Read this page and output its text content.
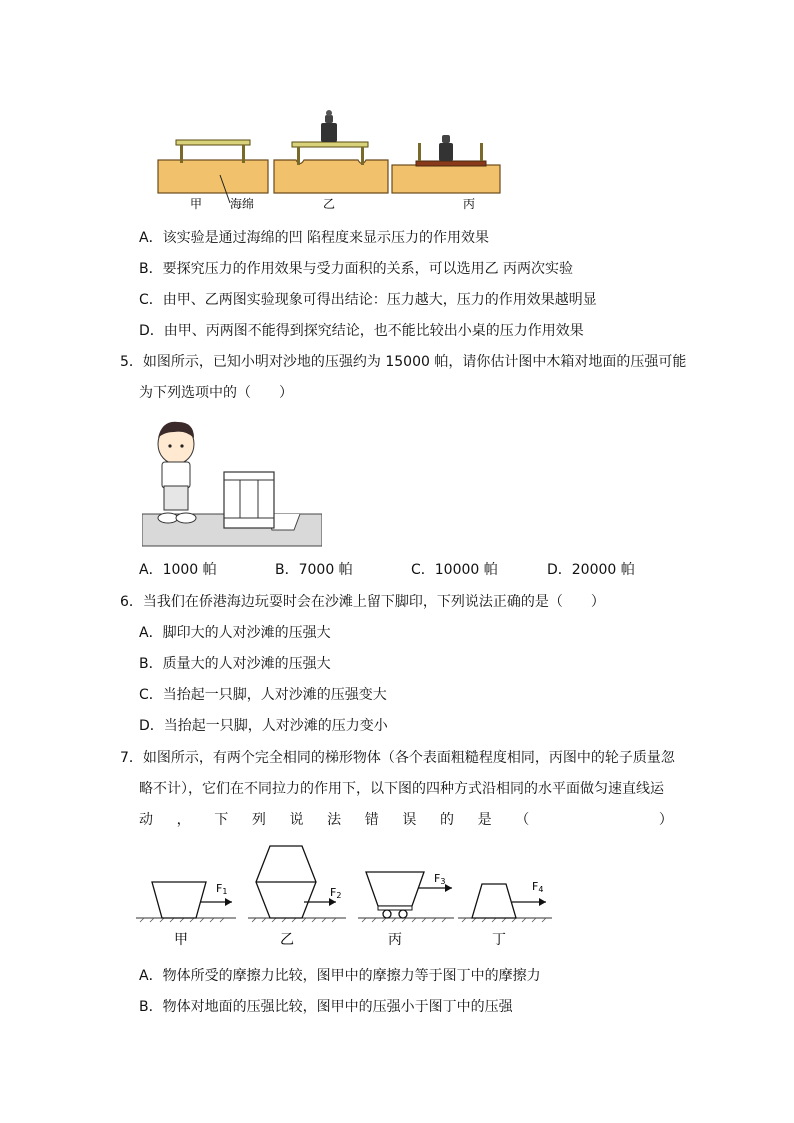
甲 海绵	乙	丙
A．该实验是通过海绵的凹 陷程度来显示压力的作用效果
B．要探究压力的作用效果与受力面积的关系，可以选用乙 丙两次实验
C．由甲、乙两图实验现象可得出结论：压力越大，压力的作用效果越明显
D．由甲、丙两图不能得到探究结论，也不能比较出小桌的压力作用效果
5．如图所示，已知小明对沙地的压强约为 15000 帕，请你估计图中木箱对地面的压强可能
为下列选项中的（　　）
A．1000 帕	B．7000 帕	C．10000 帕	D．20000 帕
6．当我们在侨港海边玩耍时会在沙滩上留下脚印，下列说法正确的是（　　）
A．脚印大的人对沙滩的压强大
B．质量大的人对沙滩的压强大
C．当抬起一只脚，人对沙滩的压强变大
D．当抬起一只脚，人对沙滩的压力变小
7．如图所示，有两个完全相同的梯形物体（各个表面粗糙程度相同，丙图中的轮子质量忽
略不计），它们在不同拉力的作用下，以下图的四种方式沿相同的水平面做匀速直线运
动 ， 下 列 说 法 错 误 的 是 （	）
F1	F2
F3	F4
甲	乙	丙	丁
A．物体所受的摩擦力比较，图甲中的摩擦力等于图丁中的摩擦力
B．物体对地面的压强比较，图甲中的压强小于图丁中的压强
